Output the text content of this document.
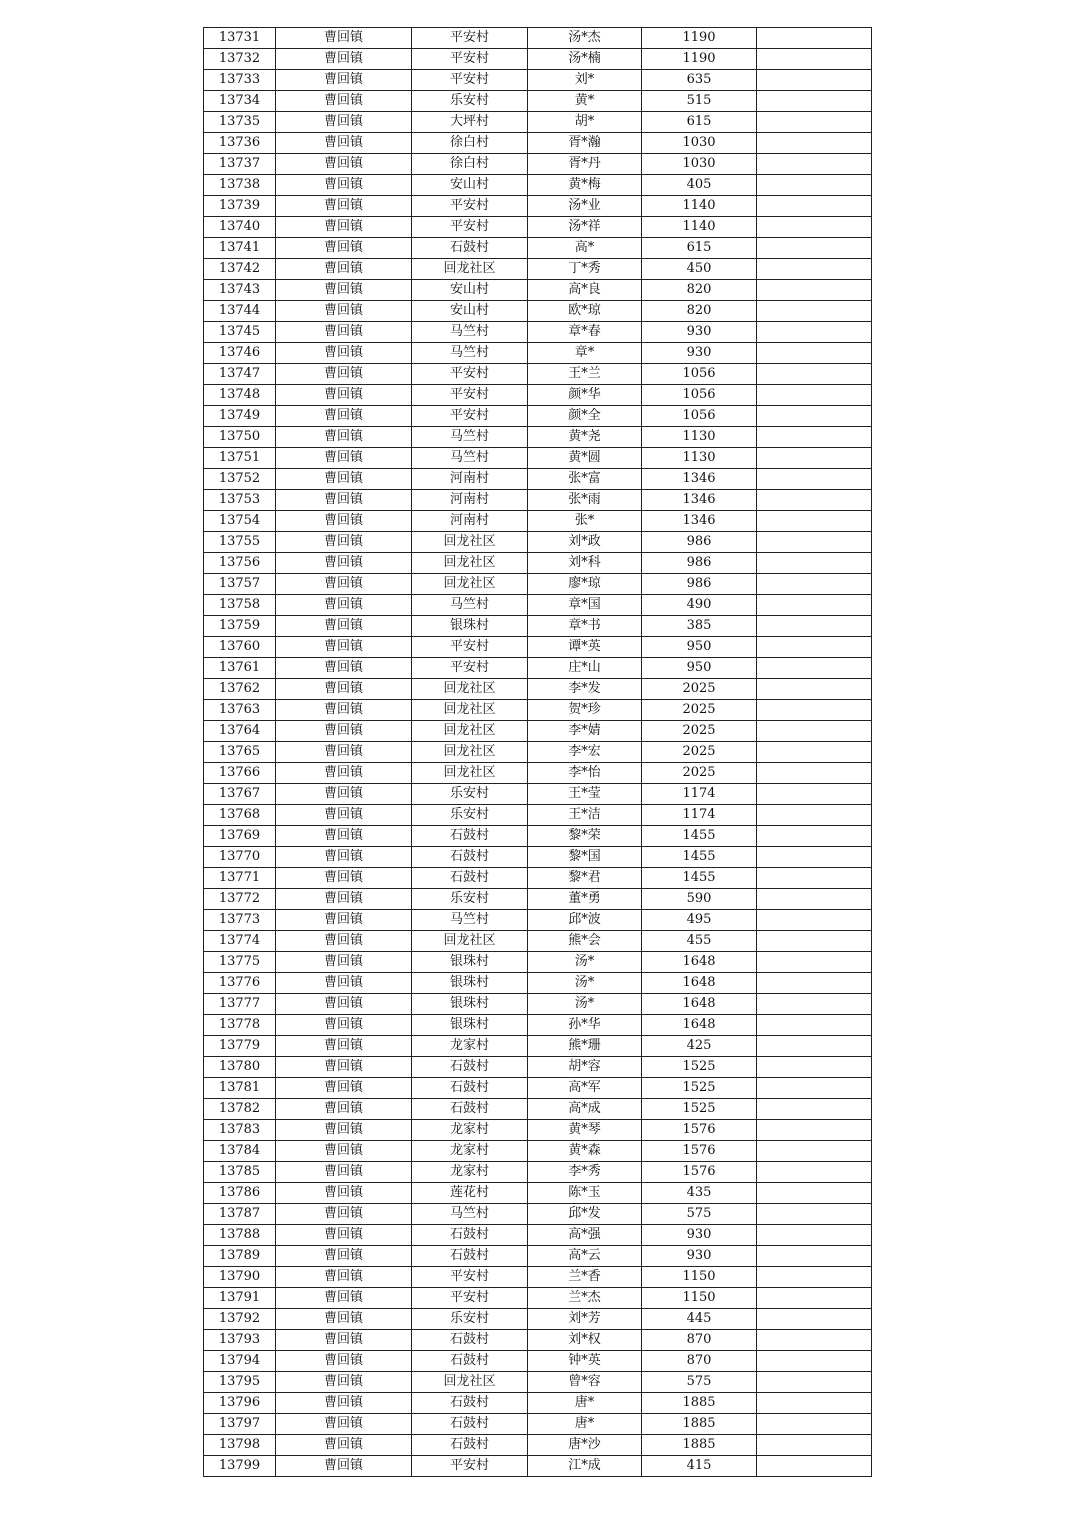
13731	曹回镇	平安村	汤*杰	1190	
13732	曹回镇	平安村	汤*楠	1190	
13733	曹回镇	平安村	刘*	635	
13734	曹回镇	乐安村	黄*	515	
13735	曹回镇	大坪村	胡*	615	
13736	曹回镇	徐白村	胥*瀚	1030	
13737	曹回镇	徐白村	胥*丹	1030	
13738	曹回镇	安山村	黄*梅	405	
13739	曹回镇	平安村	汤*业	1140	
13740	曹回镇	平安村	汤*祥	1140	
13741	曹回镇	石鼓村	高*	615	
13742	曹回镇	回龙社区	丁*秀	450	
13743	曹回镇	安山村	高*良	820	
13744	曹回镇	安山村	欧*琼	820	
13745	曹回镇	马竺村	章*春	930	
13746	曹回镇	马竺村	章*	930	
13747	曹回镇	平安村	王*兰	1056	
13748	曹回镇	平安村	颜*华	1056	
13749	曹回镇	平安村	颜*全	1056	
13750	曹回镇	马竺村	黄*尧	1130	
13751	曹回镇	马竺村	黄*圆	1130	
13752	曹回镇	河南村	张*富	1346	
13753	曹回镇	河南村	张*雨	1346	
13754	曹回镇	河南村	张*	1346	
13755	曹回镇	回龙社区	刘*政	986	
13756	曹回镇	回龙社区	刘*科	986	
13757	曹回镇	回龙社区	廖*琼	986	
13758	曹回镇	马竺村	章*国	490	
13759	曹回镇	银珠村	章*书	385	
13760	曹回镇	平安村	谭*英	950	
13761	曹回镇	平安村	庄*山	950	
13762	曹回镇	回龙社区	李*发	2025	
13763	曹回镇	回龙社区	贺*珍	2025	
13764	曹回镇	回龙社区	李*婧	2025	
13765	曹回镇	回龙社区	李*宏	2025	
13766	曹回镇	回龙社区	李*怡	2025	
13767	曹回镇	乐安村	王*莹	1174	
13768	曹回镇	乐安村	王*洁	1174	
13769	曹回镇	石鼓村	黎*荣	1455	
13770	曹回镇	石鼓村	黎*国	1455	
13771	曹回镇	石鼓村	黎*君	1455	
13772	曹回镇	乐安村	董*勇	590	
13773	曹回镇	马竺村	邱*波	495	
13774	曹回镇	回龙社区	熊*会	455	
13775	曹回镇	银珠村	汤*	1648	
13776	曹回镇	银珠村	汤*	1648	
13777	曹回镇	银珠村	汤*	1648	
13778	曹回镇	银珠村	孙*华	1648	
13779	曹回镇	龙家村	熊*珊	425	
13780	曹回镇	石鼓村	胡*容	1525	
13781	曹回镇	石鼓村	高*军	1525	
13782	曹回镇	石鼓村	高*成	1525	
13783	曹回镇	龙家村	黄*琴	1576	
13784	曹回镇	龙家村	黄*森	1576	
13785	曹回镇	龙家村	李*秀	1576	
13786	曹回镇	莲花村	陈*玉	435	
13787	曹回镇	马竺村	邱*发	575	
13788	曹回镇	石鼓村	高*强	930	
13789	曹回镇	石鼓村	高*云	930	
13790	曹回镇	平安村	兰*香	1150	
13791	曹回镇	平安村	兰*杰	1150	
13792	曹回镇	乐安村	刘*芳	445	
13793	曹回镇	石鼓村	刘*权	870	
13794	曹回镇	石鼓村	钟*英	870	
13795	曹回镇	回龙社区	曾*容	575	
13796	曹回镇	石鼓村	唐*	1885	
13797	曹回镇	石鼓村	唐*	1885	
13798	曹回镇	石鼓村	唐*沙	1885	
13799	曹回镇	平安村	江*成	415	
